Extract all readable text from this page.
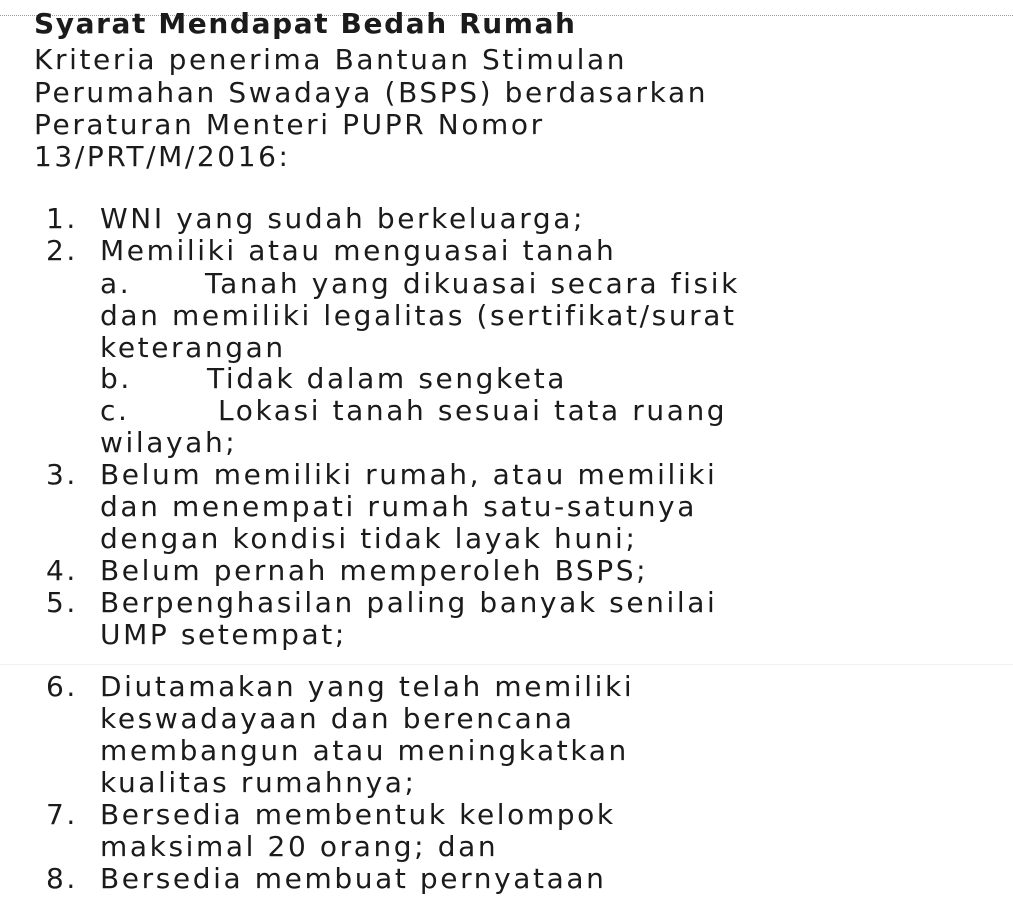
Syarat Mendapat Bedah Rumah
Kriteria penerima Bantuan Stimulan
Perumahan Swadaya (BSPS) berdasarkan
Peraturan Menteri PUPR Nomor
13/PRT/M/2016:
1. WNI yang sudah berkeluarga;
2. Memiliki atau menguasai tanah
a.	Tanah yang dikuasai secara fisik
dan memiliki legalitas (sertifikat/surat
keterangan
b.	Tidak dalam sengketa
c.	Lokasi tanah sesuai tata ruang
wilayah;
3. Belum memiliki rumah, atau memiliki
dan menempati rumah satu-satunya
dengan kondisi tidak layak huni;
4. Belum pernah memperoleh BSPS;
5. Berpenghasilan paling banyak senilai
UMP setempat;
6. Diutamakan yang telah memiliki
keswadayaan dan berencana
membangun atau meningkatkan
kualitas rumahnya;
7. Bersedia membentuk kelompok
maksimal 20 orang; dan
8. Bersedia membuat pernyataan
